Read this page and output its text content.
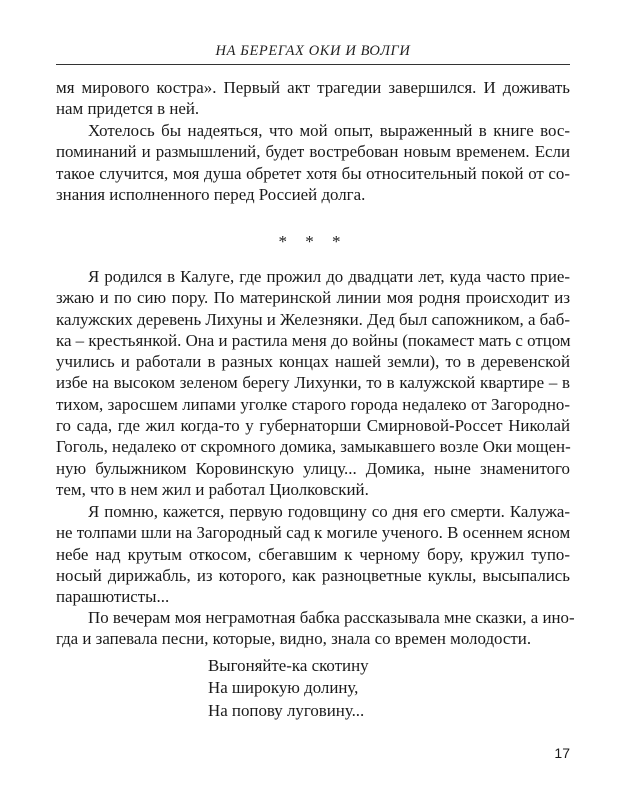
НА БЕРЕГАХ ОКИ И ВОЛГИ
мя мирового костра». Первый акт трагедии завершился. И доживать
нам придется в ней.
Хотелось бы надеяться, что мой опыт, выраженный в книге вос-
поминаний и размышлений, будет востребован новым временем. Если
такое случится, моя душа обретет хотя бы относительный покой от со-
знания исполненного перед Россией долга.
* * *
Я родился в Калуге, где прожил до двадцати лет, куда часто прие-
зжаю и по сию пору. По материнской линии моя родня происходит из
калужских деревень Лихуны и Железняки. Дед был сапожником, а баб-
ка – крестьянкой. Она и растила меня до войны (покамест мать с отцом
учились и работали в разных концах нашей земли), то в деревенской
избе на высоком зеленом берегу Лихунки, то в калужской квартире – в
тихом, заросшем липами уголке старого города недалеко от Загородно-
го сада, где жил когда-то у губернаторши Смирновой-Россет Николай
Гоголь, недалеко от скромного домика, замыкавшего возле Оки мощен-
ную булыжником Коровинскую улицу... Домика, ныне знаменитого
тем, что в нем жил и работал Циолковский.
Я помню, кажется, первую годовщину со дня его смерти. Калужа-
не толпами шли на Загородный сад к могиле ученого. В осеннем ясном
небе над крутым откосом, сбегавшим к черному бору, кружил тупо-
носый дирижабль, из которого, как разноцветные куклы, высыпались
парашютисты...
По вечерам моя неграмотная бабка рассказывала мне сказки, а ино-
гда и запевала песни, которые, видно, знала со времен молодости.
Выгоняйте-ка скотину
На широкую долину,
На попову луговину...
17
